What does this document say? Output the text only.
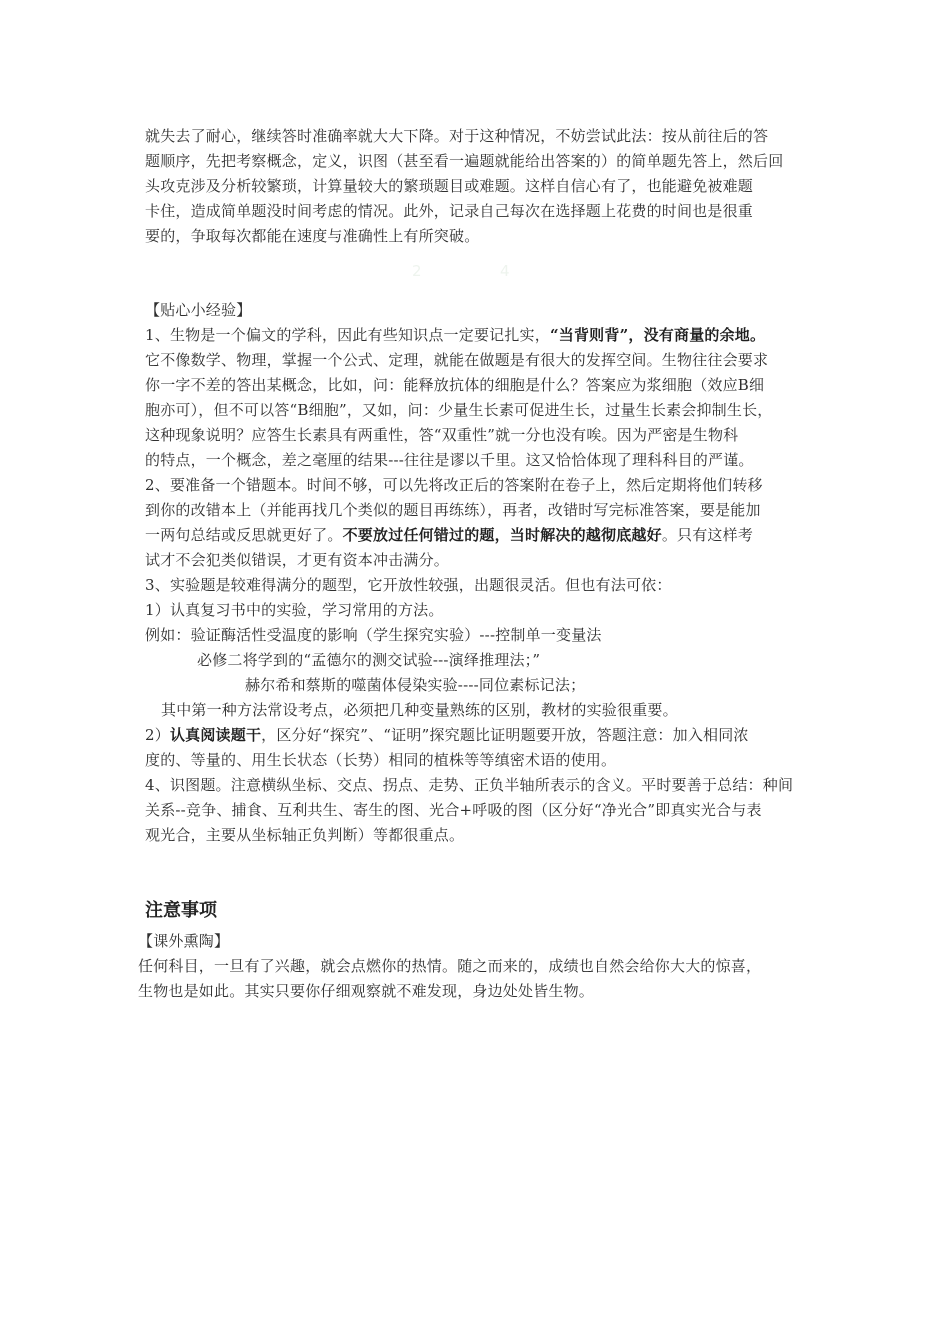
就失去了耐心，继续答时准确率就大大下降。对于这种情况，不妨尝试此法：按从前往后的答
题顺序，先把考察概念，定义，识图（甚至看一遍题就能给出答案的）的简单题先答上，然后回
头攻克涉及分析较繁琐，计算量较大的繁琐题目或难题。这样自信心有了，也能避免被难题
卡住，造成简单题没时间考虑的情况。此外，记录自己每次在选择题上花费的时间也是很重
要的，争取每次都能在速度与准确性上有所突破。
2	4
【贴心小经验】
1、生物是一个偏文的学科，因此有些知识点一定要记扎实，“当背则背”，没有商量的余地。
它不像数学、物理，掌握一个公式、定理，就能在做题是有很大的发挥空间。生物往往会要求
你一字不差的答出某概念，比如，问：能释放抗体的细胞是什么？答案应为浆细胞（效应B细
胞亦可），但不可以答“B细胞”，又如，问：少量生长素可促进生长，过量生长素会抑制生长，
这种现象说明？应答生长素具有两重性，答“双重性”就一分也没有唉。因为严密是生物科
的特点，一个概念，差之毫厘的结果---往往是谬以千里。这又恰恰体现了理科科目的严谨。
2、要准备一个错题本。时间不够，可以先将改正后的答案附在卷子上，然后定期将他们转移
到你的改错本上（并能再找几个类似的题目再练练），再者，改错时写完标准答案，要是能加
一两句总结或反思就更好了。不要放过任何错过的题，当时解决的越彻底越好。只有这样考
试才不会犯类似错误，才更有资本冲击满分。
3、实验题是较难得满分的题型，它开放性较强，出题很灵活。但也有法可依：
1）认真复习书中的实验，学习常用的方法。
例如：验证酶活性受温度的影响（学生探究实验）---控制单一变量法
必修二将学到的“孟德尔的测交试验---演绎推理法；”
赫尔希和蔡斯的噬菌体侵染实验----同位素标记法；
其中第一种方法常设考点，必须把几种变量熟练的区别，教材的实验很重要。
2）认真阅读题干，区分好“探究”、“证明”探究题比证明题要开放，答题注意：加入相同浓
度的、等量的、用生长状态（长势）相同的植株等等缜密术语的使用。
4、识图题。注意横纵坐标、交点、拐点、走势、正负半轴所表示的含义。平时要善于总结：种间
关系--竞争、捕食、互利共生、寄生的图、光合+呼吸的图（区分好“净光合”即真实光合与表
观光合，主要从坐标轴正负判断）等都很重点。
注意事项
【课外熏陶】
任何科目，一旦有了兴趣，就会点燃你的热情。随之而来的，成绩也自然会给你大大的惊喜，
生物也是如此。其实只要你仔细观察就不难发现，身边处处皆生物。
